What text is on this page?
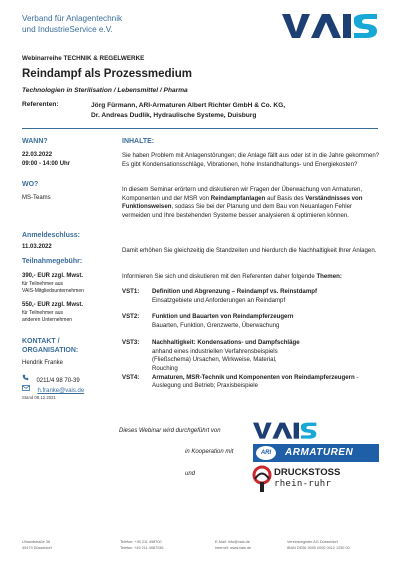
Verband für Anlagentechnik
und IndustrieService e.V.
Webinarreihe TECHNIK & REGELWERKE
Reindampf als Prozessmedium
Technologien in Sterilisation / Lebensmittel / Pharma
Referenten:	Jörg Fürmann, ARI-Armaturen Albert Richter GmbH & Co. KG,
Dr. Andreas Dudlik, Hydraulische Systeme, Duisburg
WANN?
22.03.2022
09:00 - 14:00 Uhr
WO?
MS-Teams
Anmeldeschluss:
11.03.2022
Teilnahmegebühr:
390,- EUR zzgl. Mwst.
für Teilnehmer aus
VAIS-Mitgliedsunternehmen
550,- EUR zzgl. Mwst.
für Teilnehmer aus
anderen Unternehmen
KONTAKT /
ORGANISATION:
Hendrik Franke
0211/4 98 70-39
h.franke@vais.de
Stand 08.12.2021
INHALTE:
Sie haben Problem mit Anlagenstörungen; die Anlage fällt aus oder ist in die Jahre gekommen? Es gibt Kondensationsschläge, Vibrationen, hohe Instandhaltungs- und Energiekosten?
In diesem Seminar erörtern und diskutieren wir Fragen der Überwachung von Armaturen, Komponenten und der MSR von Reindampfanlagen auf Basis des Verständnisses von Funktionsweisen, sodass Sie bei der Planung und dem Bau von Neuanlagen Fehler vermeiden und Ihre bestehenden Systeme besser analysieren & optimieren können.
Damit erhöhen Sie gleichzeitig die Standzeiten und hierdurch die Nachhaltigkeit Ihrer Anlagen.
Informieren Sie sich und diskutieren mit den Referenten daher folgende Themen:
VST1: Definition und Abgrenzung – Reindampf vs. Reinstdampf
Einsatzgebiete und Anforderungen an Reindampf
VST2: Funktion und Bauarten von Reindampferzeugern
Bauarten, Funktion, Grenzwerte, Überwachung
VST3: Nachhaltigkeit: Kondensations- und Dampfschläge
anhand eines industriellen Verfahrensbeispiels (Fließschema) Ursachen, Wirkweise, Material, Rouching
VST4: Armaturen, MSR-Technik und Komponenten von Reindampferzeugern - Auslegung und Betrieb; Praxisbeispiele
Dieses Webinar wird durchgeführt von
in Kooperation mit	ARI	ARMATUREN
und	DRUCKSTOSS
rhein-ruhr
Uhlandstraße 36
40479 Düsseldorf
Telefon: +49 211 498700
Telefax: +49 211 4987036
E-Mail: info@vais.de
Internet: www.vais.de
Vereinsregister AG Düsseldorf
IBAN DE56 3005 0000 0012 1250 00
